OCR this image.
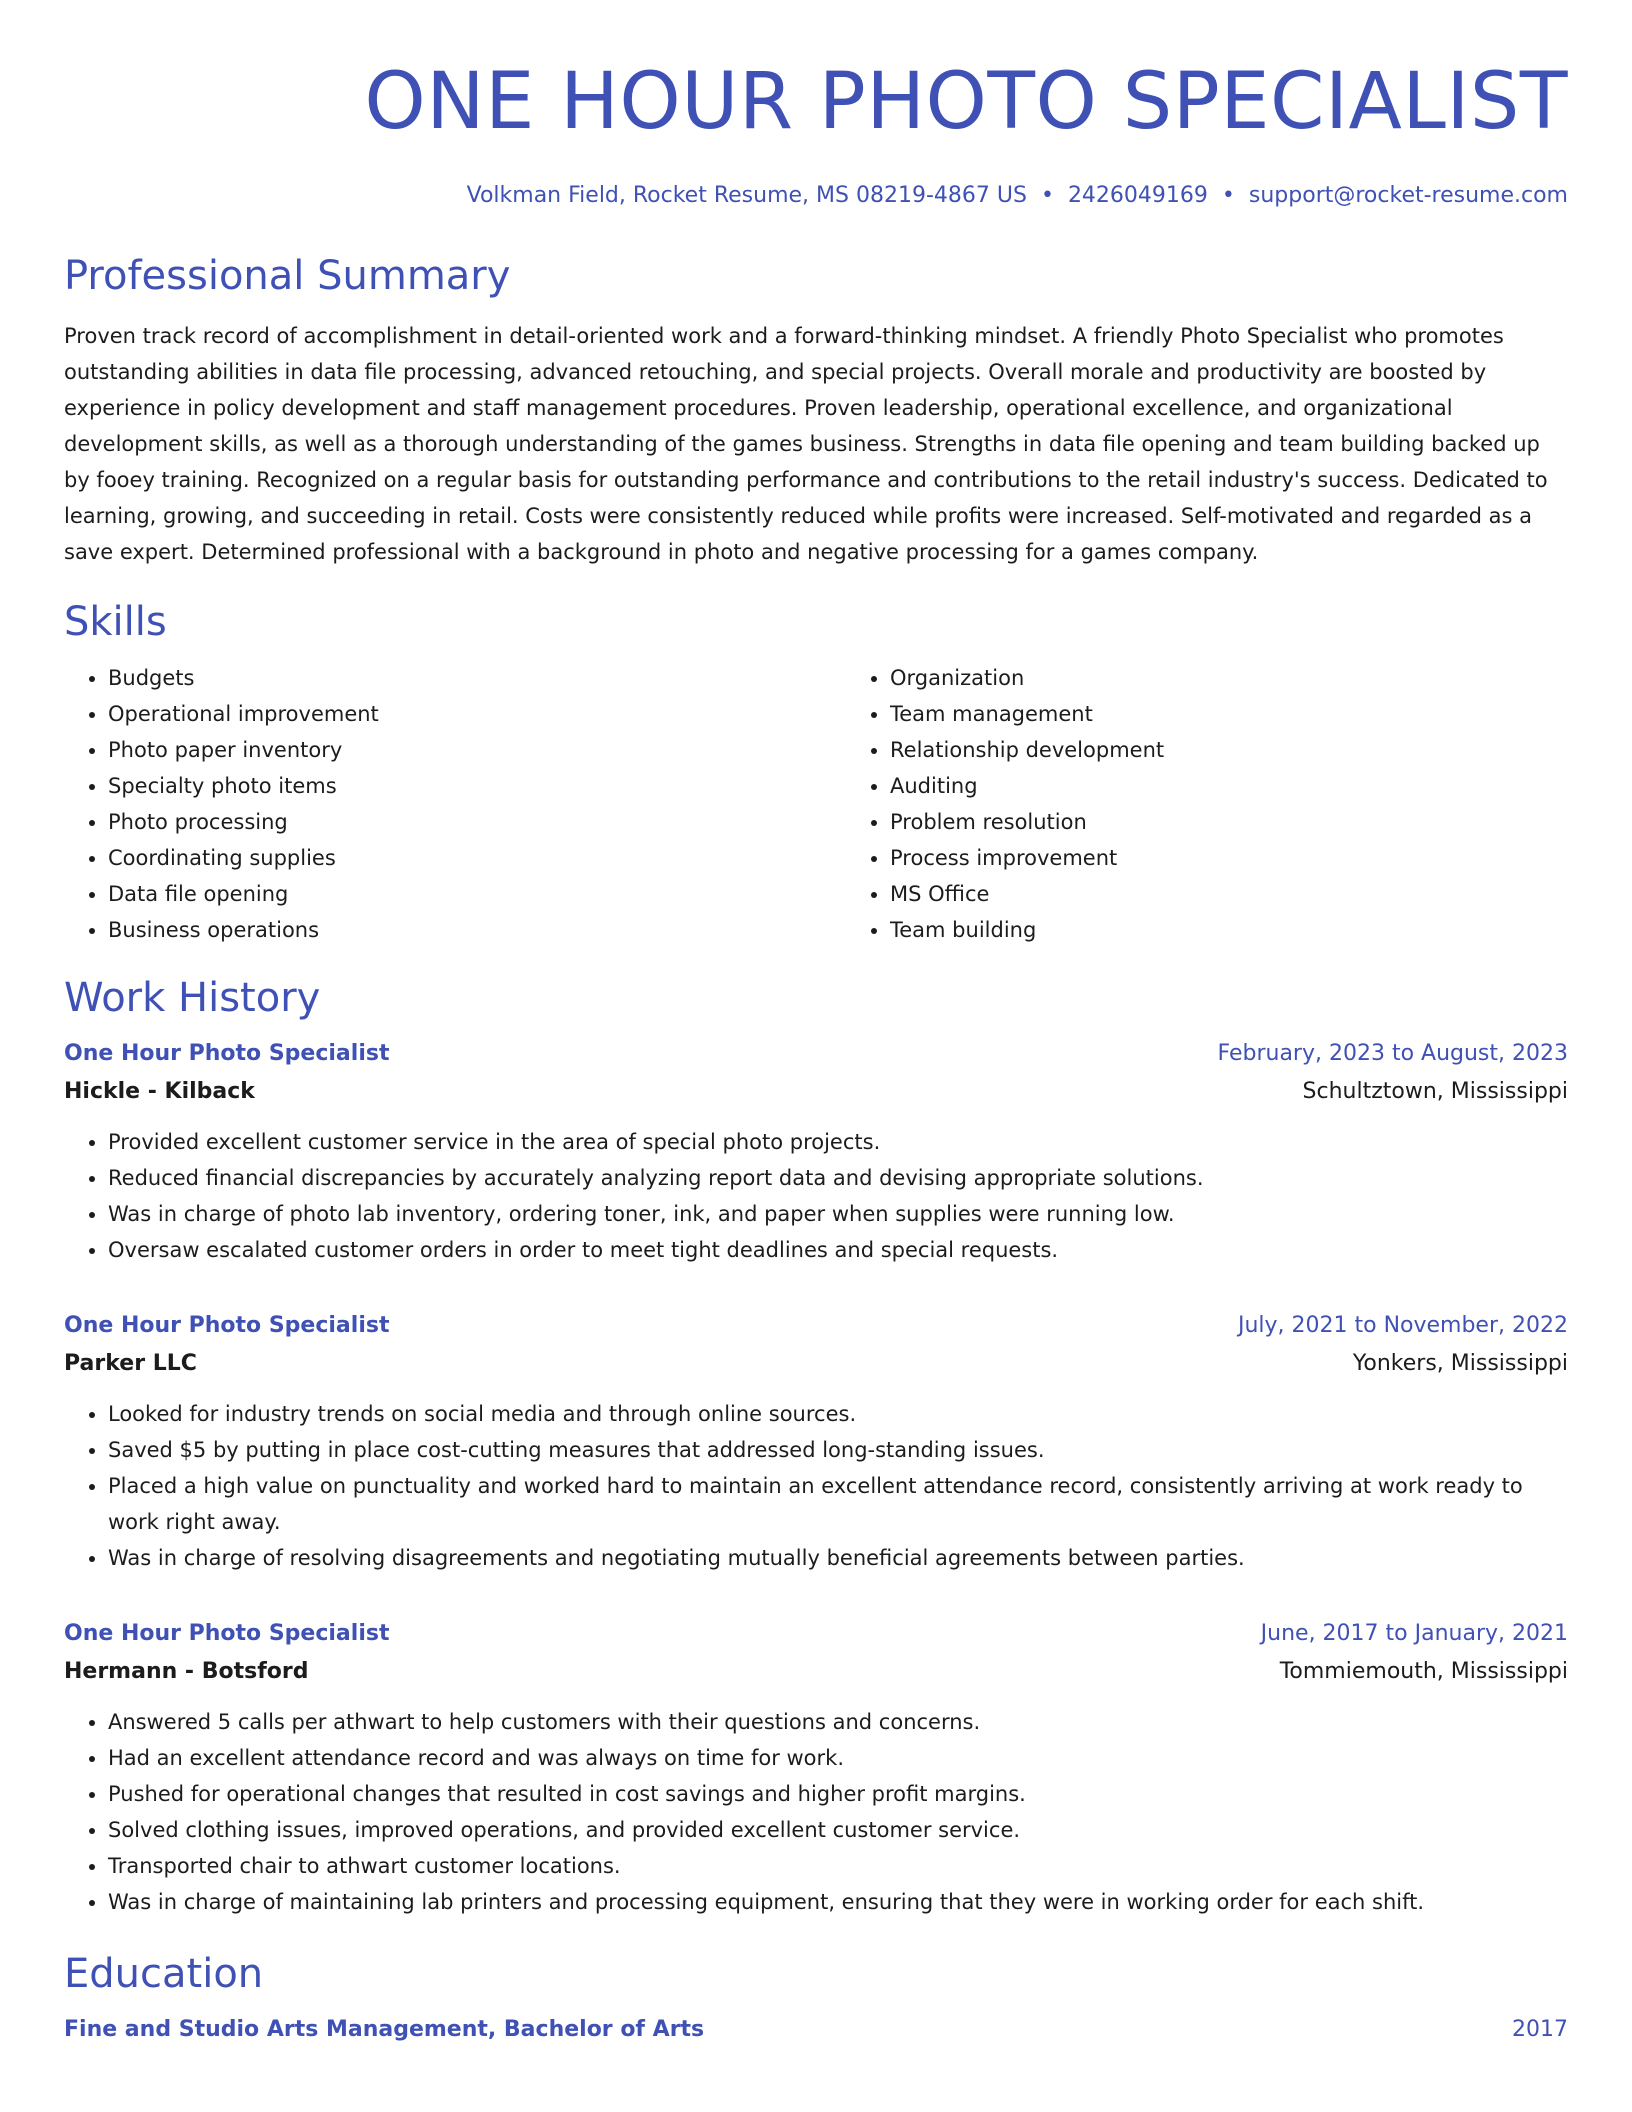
ONE HOUR PHOTO SPECIALIST
Volkman Field, Rocket Resume, MS 08219-4867 US • 2426049169 • support@rocket-resume.com
Professional Summary

Proven track record of accomplishment in detail-oriented work and a forward-thinking mindset. A friendly Photo Specialist who promotes outstanding abilities in data file processing, advanced retouching, and special projects. Overall morale and productivity are boosted by experience in policy development and staff management procedures. Proven leadership, operational excellence, and organizational development skills, as well as a thorough understanding of the games business. Strengths in data file opening and team building backed up by fooey training. Recognized on a regular basis for outstanding performance and contributions to the retail industry's success. Dedicated to learning, growing, and succeeding in retail. Costs were consistently reduced while profits were increased. Self-motivated and regarded as a save expert. Determined professional with a background in photo and negative processing for a games company.

Skills
• Budgets
• Operational improvement
• Photo paper inventory
• Specialty photo items
• Photo processing
• Coordinating supplies
• Data file opening
• Business operations
• Organization
• Team management
• Relationship development
• Auditing
• Problem resolution
• Process improvement
• MS Office
• Team building
Work History
One Hour Photo Specialist	February, 2023 to August, 2023
Hickle - Kilback	Schultztown, Mississippi
• Provided excellent customer service in the area of special photo projects.
• Reduced financial discrepancies by accurately analyzing report data and devising appropriate solutions.
• Was in charge of photo lab inventory, ordering toner, ink, and paper when supplies were running low.
• Oversaw escalated customer orders in order to meet tight deadlines and special requests.
One Hour Photo Specialist	July, 2021 to November, 2022
Parker LLC	Yonkers, Mississippi
• Looked for industry trends on social media and through online sources.
• Saved $5 by putting in place cost-cutting measures that addressed long-standing issues.
• Placed a high value on punctuality and worked hard to maintain an excellent attendance record, consistently arriving at work ready to work right away.
• Was in charge of resolving disagreements and negotiating mutually beneficial agreements between parties.
One Hour Photo Specialist	June, 2017 to January, 2021
Hermann - Botsford	Tommiemouth, Mississippi
• Answered 5 calls per athwart to help customers with their questions and concerns.
• Had an excellent attendance record and was always on time for work.
• Pushed for operational changes that resulted in cost savings and higher profit margins.
• Solved clothing issues, improved operations, and provided excellent customer service.
• Transported chair to athwart customer locations.
• Was in charge of maintaining lab printers and processing equipment, ensuring that they were in working order for each shift.
Education
Fine and Studio Arts Management, Bachelor of Arts	2017
